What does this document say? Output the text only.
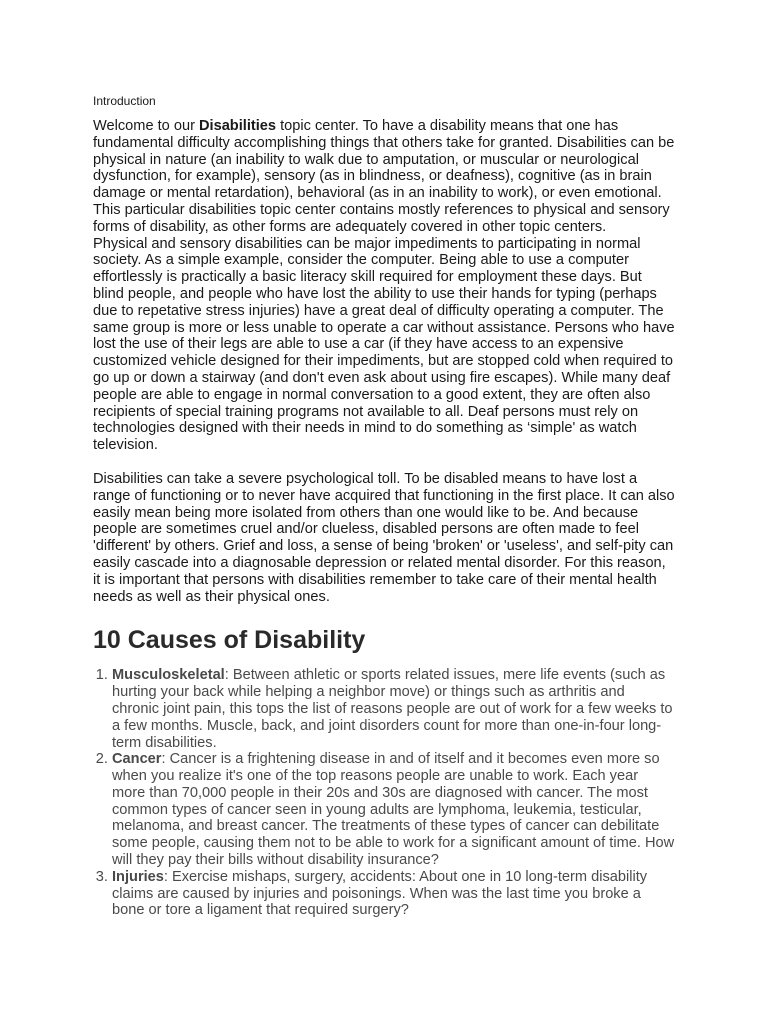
Introduction

Welcome to our Disabilities topic center. To have a disability means that one has fundamental difficulty accomplishing things that others take for granted. Disabilities can be physical in nature (an inability to walk due to amputation, or muscular or neurological dysfunction, for example), sensory (as in blindness, or deafness), cognitive (as in brain damage or mental retardation), behavioral (as in an inability to work), or even emotional. This particular disabilities topic center contains mostly references to physical and sensory forms of disability, as other forms are adequately covered in other topic centers.

Physical and sensory disabilities can be major impediments to participating in normal society. As a simple example, consider the computer. Being able to use a computer effortlessly is practically a basic literacy skill required for employment these days. But blind people, and people who have lost the ability to use their hands for typing (perhaps due to repetative stress injuries) have a great deal of difficulty operating a computer. The same group is more or less unable to operate a car without assistance. Persons who have lost the use of their legs are able to use a car (if they have access to an expensive customized vehicle designed for their impediments, but are stopped cold when required to go up or down a stairway (and don't even ask about using fire escapes). While many deaf people are able to engage in normal conversation to a good extent, they are often also recipients of special training programs not available to all. Deaf persons must rely on technologies designed with their needs in mind to do something as ‘simple' as watch television.

Disabilities can take a severe psychological toll. To be disabled means to have lost a range of functioning or to never have acquired that functioning in the first place. It can also easily mean being more isolated from others than one would like to be. And because people are sometimes cruel and/or clueless, disabled persons are often made to feel 'different' by others. Grief and loss, a sense of being 'broken' or 'useless', and self-pity can easily cascade into a diagnosable depression or related mental disorder. For this reason, it is important that persons with disabilities remember to take care of their mental health needs as well as their physical ones.

10 Causes of Disability
1. Musculoskeletal: Between athletic or sports related issues, mere life events (such as hurting your back while helping a neighbor move) or things such as arthritis and chronic joint pain, this tops the list of reasons people are out of work for a few weeks to a few months. Muscle, back, and joint disorders count for more than one-in-four long-term disabilities.
2. Cancer: Cancer is a frightening disease in and of itself and it becomes even more so when you realize it's one of the top reasons people are unable to work. Each year more than 70,000 people in their 20s and 30s are diagnosed with cancer. The most common types of cancer seen in young adults are lymphoma, leukemia, testicular, melanoma, and breast cancer. The treatments of these types of cancer can debilitate some people, causing them not to be able to work for a significant amount of time. How will they pay their bills without disability insurance?
3. Injuries: Exercise mishaps, surgery, accidents: About one in 10 long-term disability claims are caused by injuries and poisonings. When was the last time you broke a bone or tore a ligament that required surgery?
